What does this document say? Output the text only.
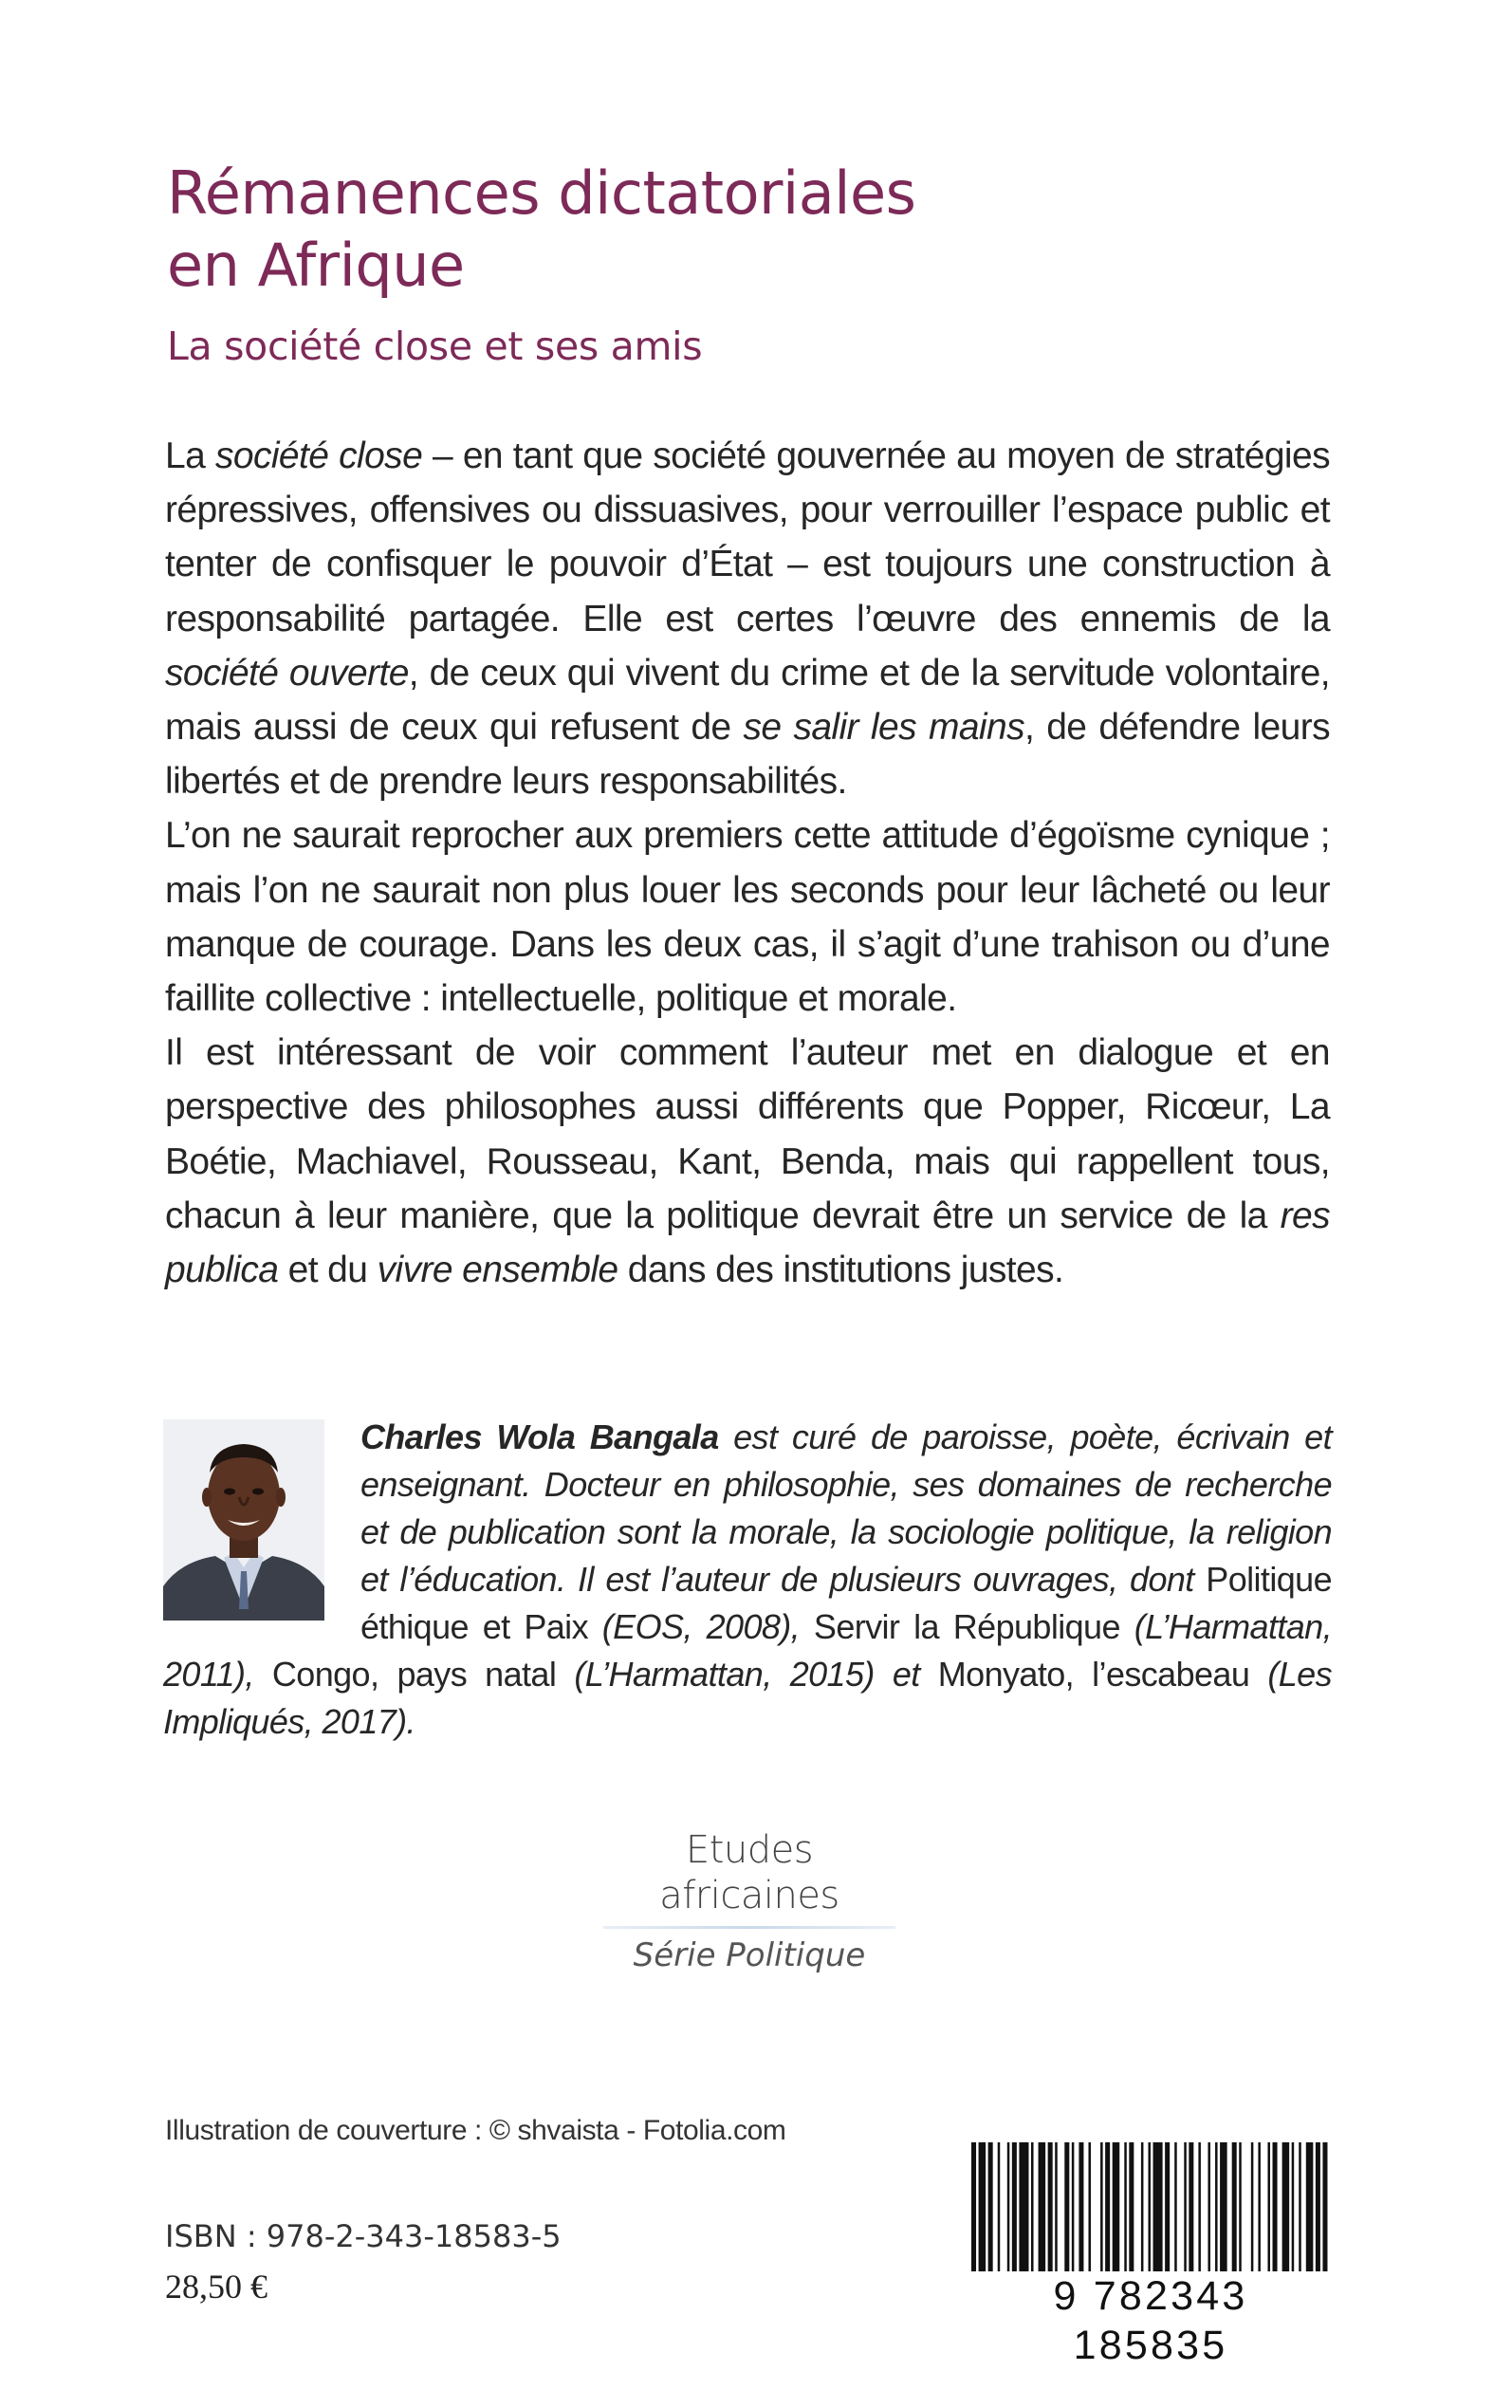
Rémanences dictatoriales
en Afrique
La société close et ses amis

La société close – en tant que société gouvernée au moyen de stratégies répressives, offensives ou dissuasives, pour verrouiller l’espace public et tenter de confisquer le pouvoir d’État – est toujours une construction à responsabilité partagée. Elle est certes l’œuvre des ennemis de la société ouverte, de ceux qui vivent du crime et de la servitude volontaire, mais aussi de ceux qui refusent de se salir les mains, de défendre leurs libertés et de prendre leurs responsabilités.

L’on ne saurait reprocher aux premiers cette attitude d’égoïsme cynique ; mais l’on ne saurait non plus louer les seconds pour leur lâcheté ou leur manque de courage. Dans les deux cas, il s’agit d’une trahison ou d’une faillite collective : intellectuelle, politique et morale.

Il est intéressant de voir comment l’auteur met en dialogue et en perspective des philosophes aussi différents que Popper, Ricœur, La Boétie, Machiavel, Rousseau, Kant, Benda, mais qui rappellent tous, chacun à leur manière, que la politique devrait être un service de la res publica et du vivre ensemble dans des institutions justes.

Charles Wola Bangala est curé de paroisse, poète, écrivain et enseignant. Docteur en philosophie, ses domaines de recherche et de publication sont la morale, la sociologie politique, la religion et l’éducation. Il est l’auteur de plusieurs ouvrages, dont Politique éthique et Paix (EOS, 2008), Servir la République (L’Harmattan, 2011), Congo, pays natal (L’Harmattan, 2015) et Monyato, l’escabeau (Les Impliqués, 2017).

Etudes africaines
Série Politique
Illustration de couverture : © shvaista - Fotolia.com
ISBN : 978-2-343-18583-5
28,50 €	9 782343 185835
